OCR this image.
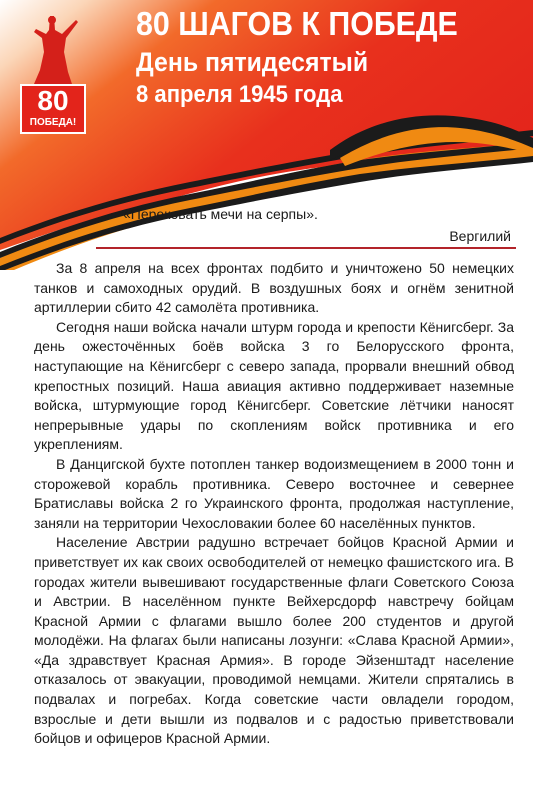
80
ПОБЕДА!
80 ШАГОВ К ПОБЕДЕ
День пятидесятый
8 апреля 1945 года
«Перековать мечи на серпы».
Вергилий

За 8 апреля на всех фронтах подбито и уничтожено 50 немецких танков и самоходных орудий. В воздушных боях и огнём зенитной артиллерии сбито 42 самолёта противника.

Сегодня наши войска начали штурм города и крепости Кёнигсберг. За день ожесточённых боёв войска 3 го Белорусского фронта, наступающие на Кёнигсберг с северо запада, прорвали внешний обвод крепостных позиций. Наша авиация активно поддерживает наземные войска, штурмующие город Кёнигсберг. Советские лётчики наносят непрерывные удары по скоплениям войск противника и его укреплениям.

В Данцигской бухте потоплен танкер водоизмещением в 2000 тонн и сторожевой корабль противника. Северо восточнее и севернее Братиславы войска 2 го Украинского фронта, продолжая наступление, заняли на территории Чехословакии более 60 населённых пунктов.

Население Австрии радушно встречает бойцов Красной Армии и приветствует их как своих освободителей от немецко фашистского ига. В городах жители вывешивают государственные флаги Советского Союза и Австрии. В населённом пункте Вейхерсдорф навстречу бойцам Красной Армии с флагами вышло более 200 студентов и другой молодёжи. На флагах были написаны лозунги: «Слава Красной Армии», «Да здравствует Красная Армия». В городе Эйзенштадт население отказалось от эвакуации, проводимой немцами. Жители спрятались в подвалах и погребах. Когда советские части овладели городом, взрослые и дети вышли из подвалов и с радостью приветствовали бойцов и офицеров Красной Армии.
